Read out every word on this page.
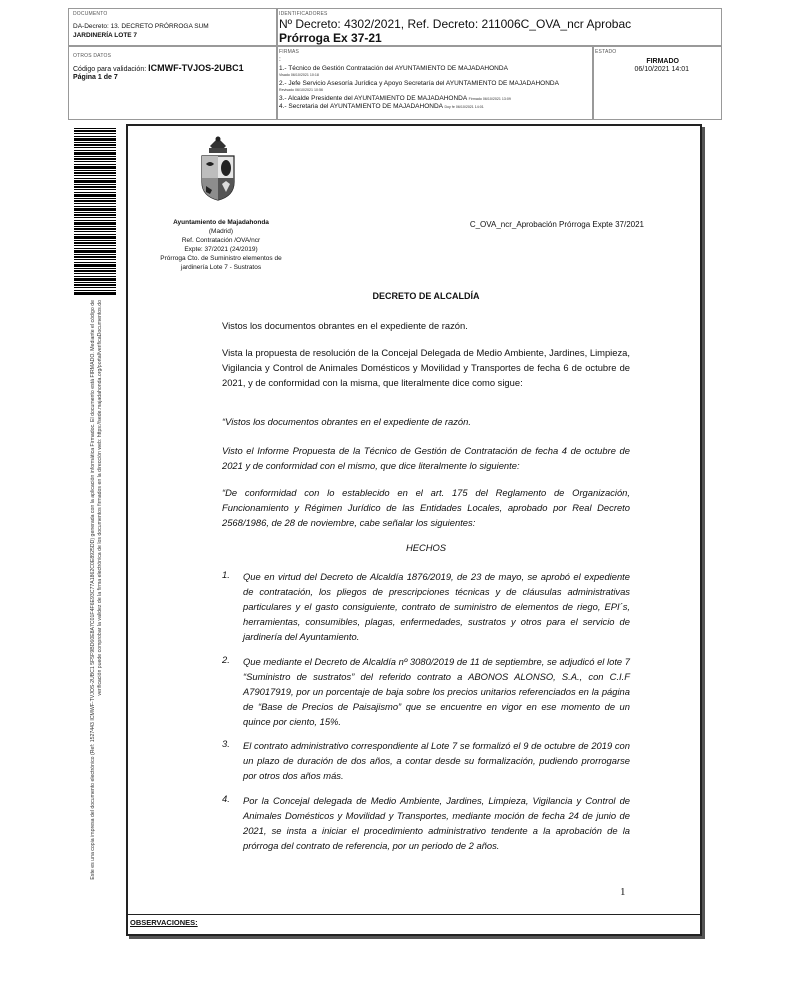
DOCUMENTO
DA-Decreto: 13. DECRETO PRÓRROGA SUM
JARDINERÍA LOTE 7
IDENTIFICADORES
Nº Decreto: 4302/2021, Ref. Decreto: 211006C_OVA_ncr Aprobac
Prórroga Ex 37-21
OTROS DATOS
Código para validación: ICMWF-TVJOS-2UBC1
Página 1 de 7
FIRMAS
:
1.- Técnico de Gestión Contratación del AYUNTAMIENTO DE MAJADAHONDA
Visado 06/10/2021 10:18
2.- Jefe Servicio Asesoría Jurídica y Apoyo Secretaría del AYUNTAMIENTO DE MAJADAHONDA
Revisado 06/10/2021 10:56
3.- Alcalde Presidente del AYUNTAMIENTO DE MAJADAHONDA Firmado 06/10/2021 13:09
4.- Secretaria del AYUNTAMIENTO DE MAJADAHONDA Doy fe 06/10/2021 14:01
ESTADO
FIRMADO
06/10/2021 14:01
Este es una copia impresa del documento electrónico (Ref: 1527443 ICMWF-TVJOS-2UBC1 5F5F9BD60E8A7C01F4F6E93C77A1862C0E8925DD) generada con la aplicación informática Firmadoc. El documento está FIRMADO. Mediante el código de verificación puede comprobar la validez de la firma electrónica de los documentos firmados en la dirección web: https://sede.majadahonda.org/portal/verificaDocumentos.do
Ayuntamiento de Majadahonda
(Madrid)
Ref. Contratación /OVA/ncr
Expte: 37/2021 (24/2019)
Prórroga Cto. de Suministro elementos de
jardinería Lote 7 - Sustratos
C_OVA_ncr_Aprobación Prórroga Expte 37/2021
DECRETO DE ALCALDÍA
Vistos los documentos obrantes en el expediente de razón.
Vista la propuesta de resolución de la Concejal Delegada de Medio Ambiente, Jardines, Limpieza, Vigilancia y Control de Animales Domésticos y Movilidad y Transportes de fecha 6 de octubre de 2021, y de conformidad con la misma, que literalmente dice como sigue:
“Vistos los documentos obrantes en el expediente de razón.
Visto el Informe Propuesta de la Técnico de Gestión de Contratación de fecha 4 de octubre de 2021 y de conformidad con el mismo, que dice literalmente lo siguiente:
“De conformidad con lo establecido en el art. 175 del Reglamento de Organización, Funcionamiento y Régimen Jurídico de las Entidades Locales, aprobado por Real Decreto 2568/1986, de 28 de noviembre, cabe señalar los siguientes:
HECHOS
1.	Que en virtud del Decreto de Alcaldía 1876/2019, de 23 de mayo, se aprobó el expediente de contratación, los pliegos de prescripciones técnicas y de cláusulas administrativas particulares y el gasto consiguiente, contrato de suministro de elementos de riego, EPI´s, herramientas, consumibles, plagas, enfermedades, sustratos y otros para el servicio de jardinería del Ayuntamiento.
2.	Que mediante el Decreto de Alcaldía nº 3080/2019 de 11 de septiembre, se adjudicó el lote 7 “Suministro de sustratos” del referido contrato a ABONOS ALONSO, S.A., con C.I.F A79017919, por un porcentaje de baja sobre los precios unitarios referenciados en la página de “Base de Precios de Paisajismo” que se encuentre en vigor en ese momento de un quince por ciento, 15%.
3.	El contrato administrativo correspondiente al Lote 7 se formalizó el 9 de octubre de 2019 con un plazo de duración de dos años, a contar desde su formalización, pudiendo prorrogarse por otros dos años más.
4.	Por la Concejal delegada de Medio Ambiente, Jardines, Limpieza, Vigilancia y Control de Animales Domésticos y Movilidad y Transportes, mediante moción de fecha 24 de junio de 2021, se insta a iniciar el procedimiento administrativo tendente a la aprobación de la prórroga del contrato de referencia, por un periodo de 2 años.
1
OBSERVACIONES:
